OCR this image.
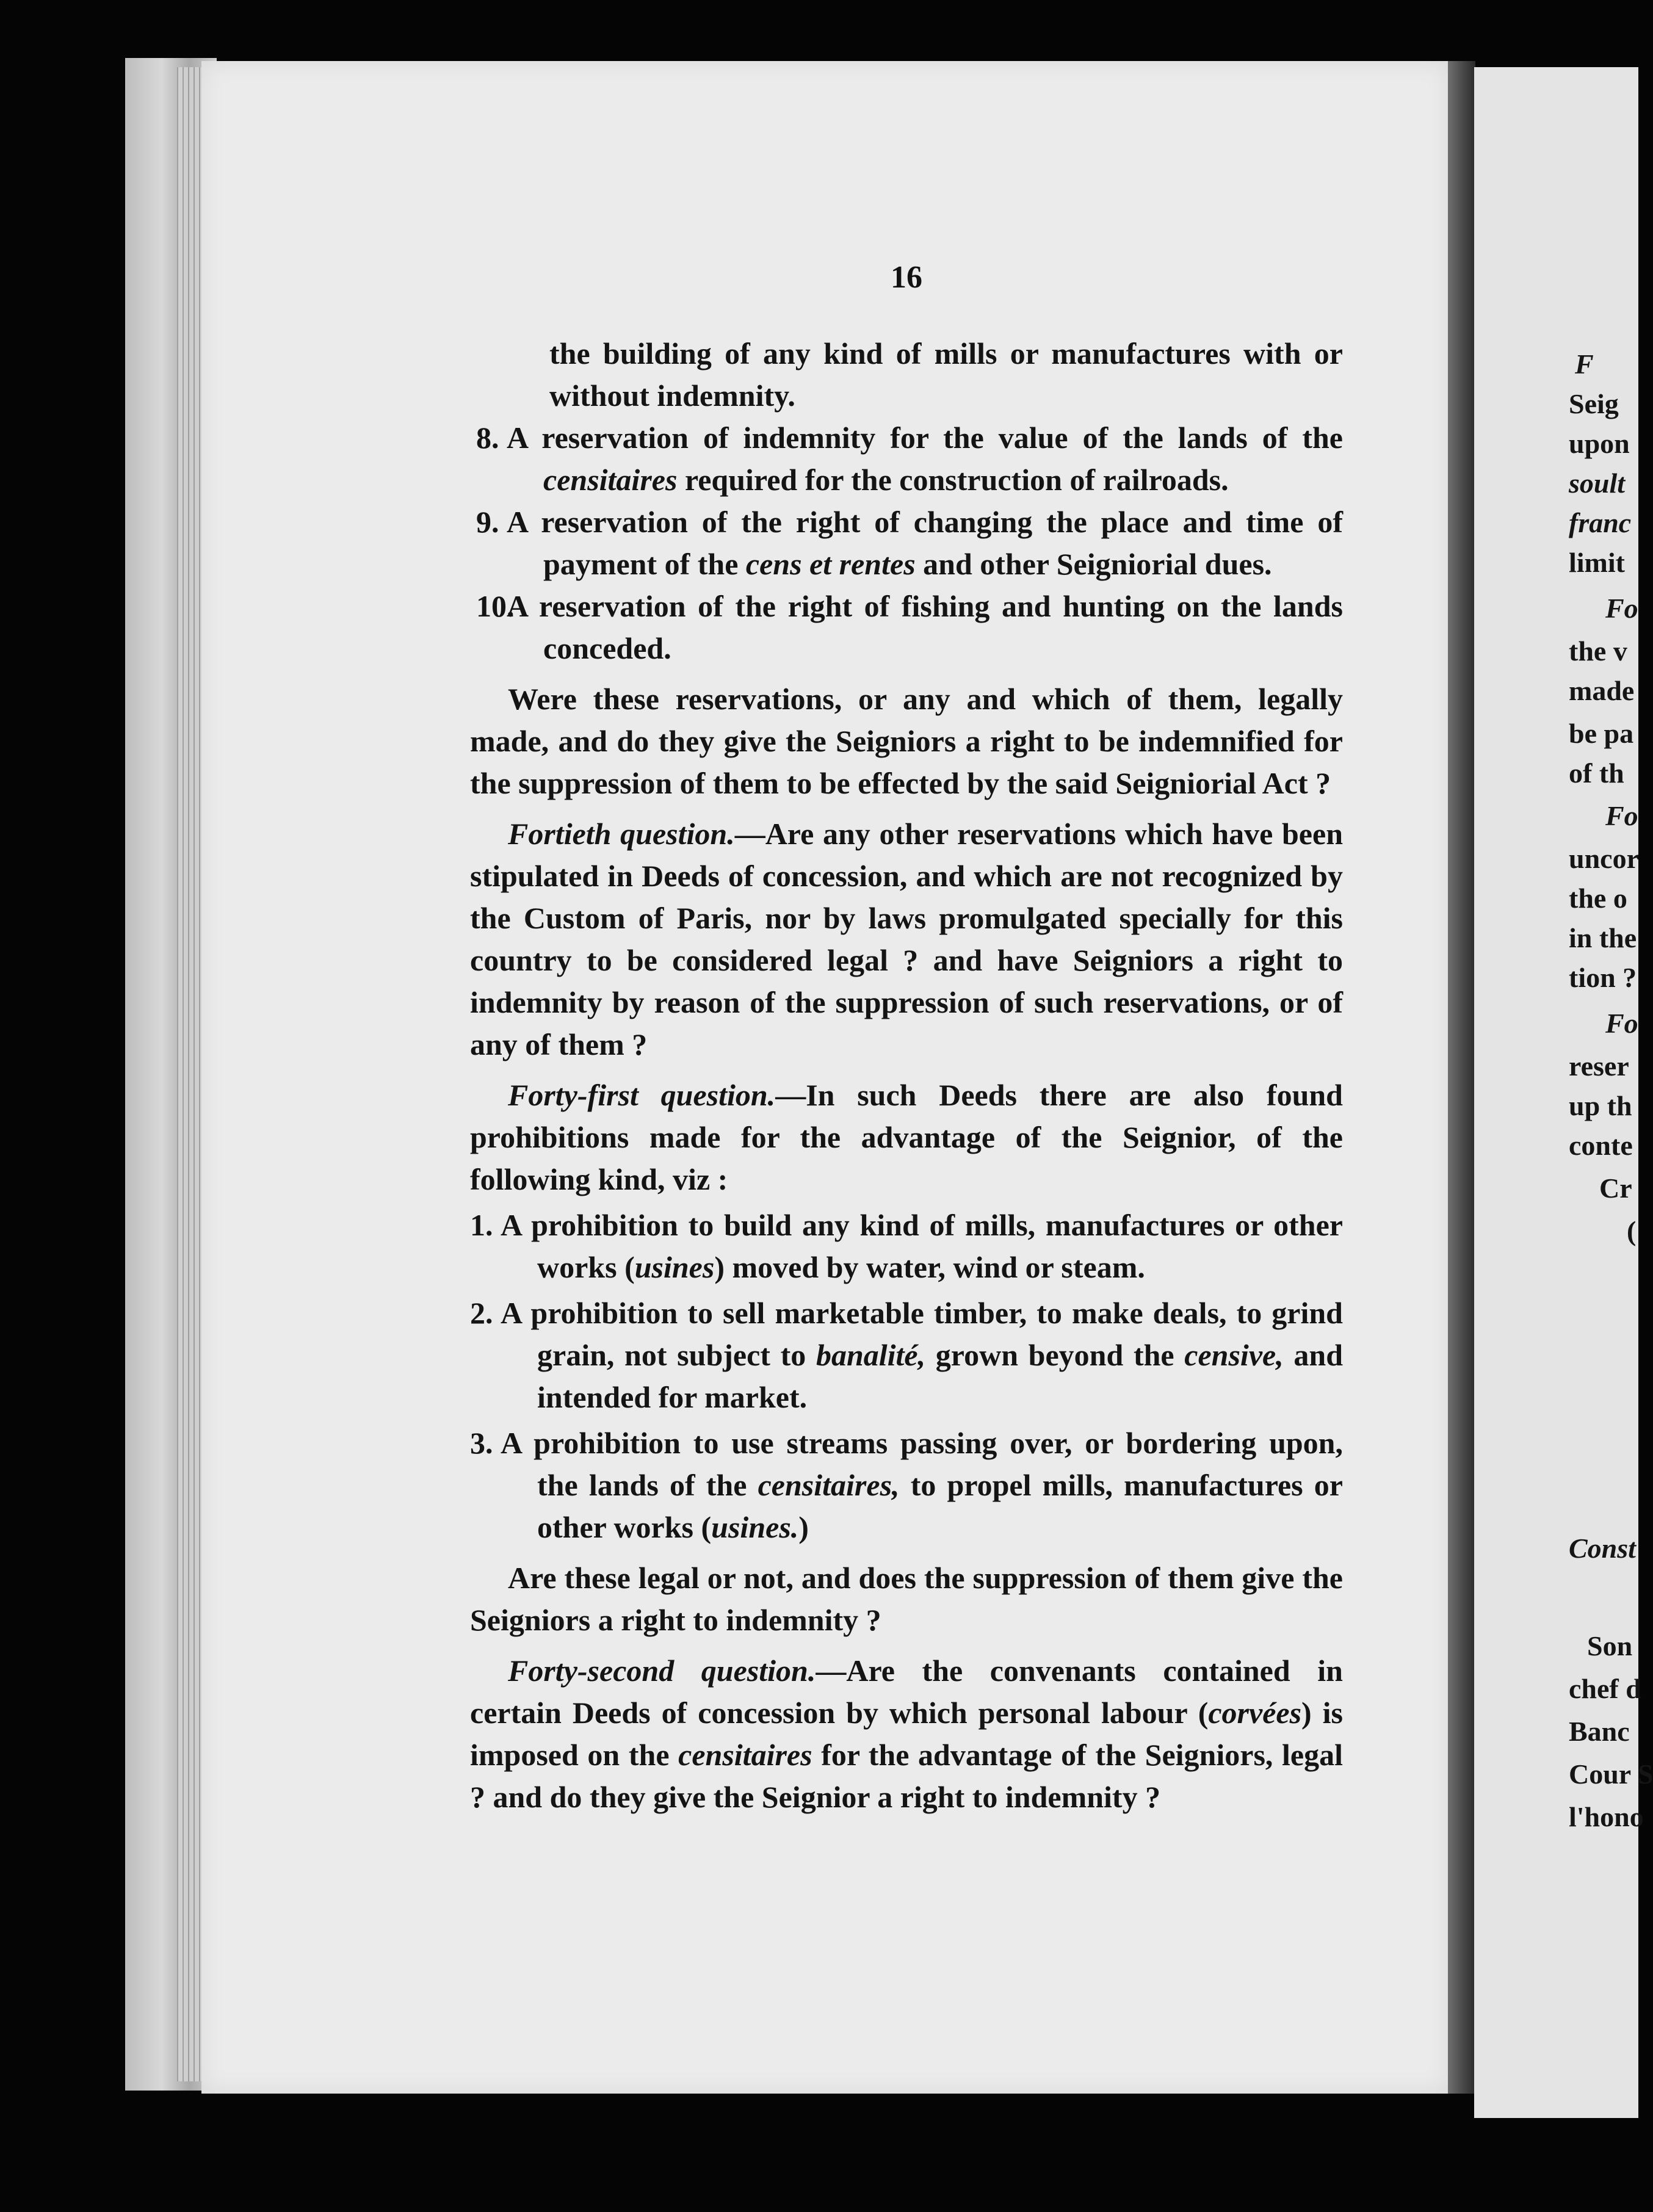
F
Seig
upon
soult
franc
limit
Fo
the v
made
be pa
of th
Fo
uncor
the o
in the
tion ?
Fo
reser
up th
conte
Cr
(
Const
Son
chef d
Banc
Cour S
l'hono
16

the building of any kind of mills or manufactures with or without indemnity.

8. A reservation of indemnity for the value of the lands of the censitaires required for the construction of railroads.

9. A reservation of the right of changing the place and time of payment of the cens et rentes and other Seigniorial dues.

10.
A reservation of the right of fishing and hunting on the lands conceded.

Were these reservations, or any and which of them, legally made, and do they give the Seigniors a right to be indemnified for the suppression of them to be effected by the said Seigniorial Act ?

Fortieth question.—Are any other reservations which have been stipulated in Deeds of concession, and which are not recognized by the Custom of Paris, nor by laws promulgated specially for this country to be considered legal ? and have Seigniors a right to indemnity by reason of the suppression of such reservations, or of any of them ?

Forty-first question.—In such Deeds there are also found prohibitions made for the advantage of the Seignior, of the following kind, viz :

1. A prohibition to build any kind of mills, manufactures or other works (usines) moved by water, wind or steam.

2. A prohibition to sell marketable timber, to make deals, to grind grain, not subject to banalité, grown beyond the censive, and intended for market.

3. A prohibition to use streams passing over, or bordering upon, the lands of the censitaires, to propel mills, manufactures or other works (usines.)

Are these legal or not, and does the suppression of them give the Seigniors a right to indemnity ?

Forty-second question.—Are the convenants contained in certain Deeds of concession by which personal labour (corvées) is imposed on the censitaires for the advantage of the Seigniors, legal ? and do they give the Seignior a right to indemnity ?
